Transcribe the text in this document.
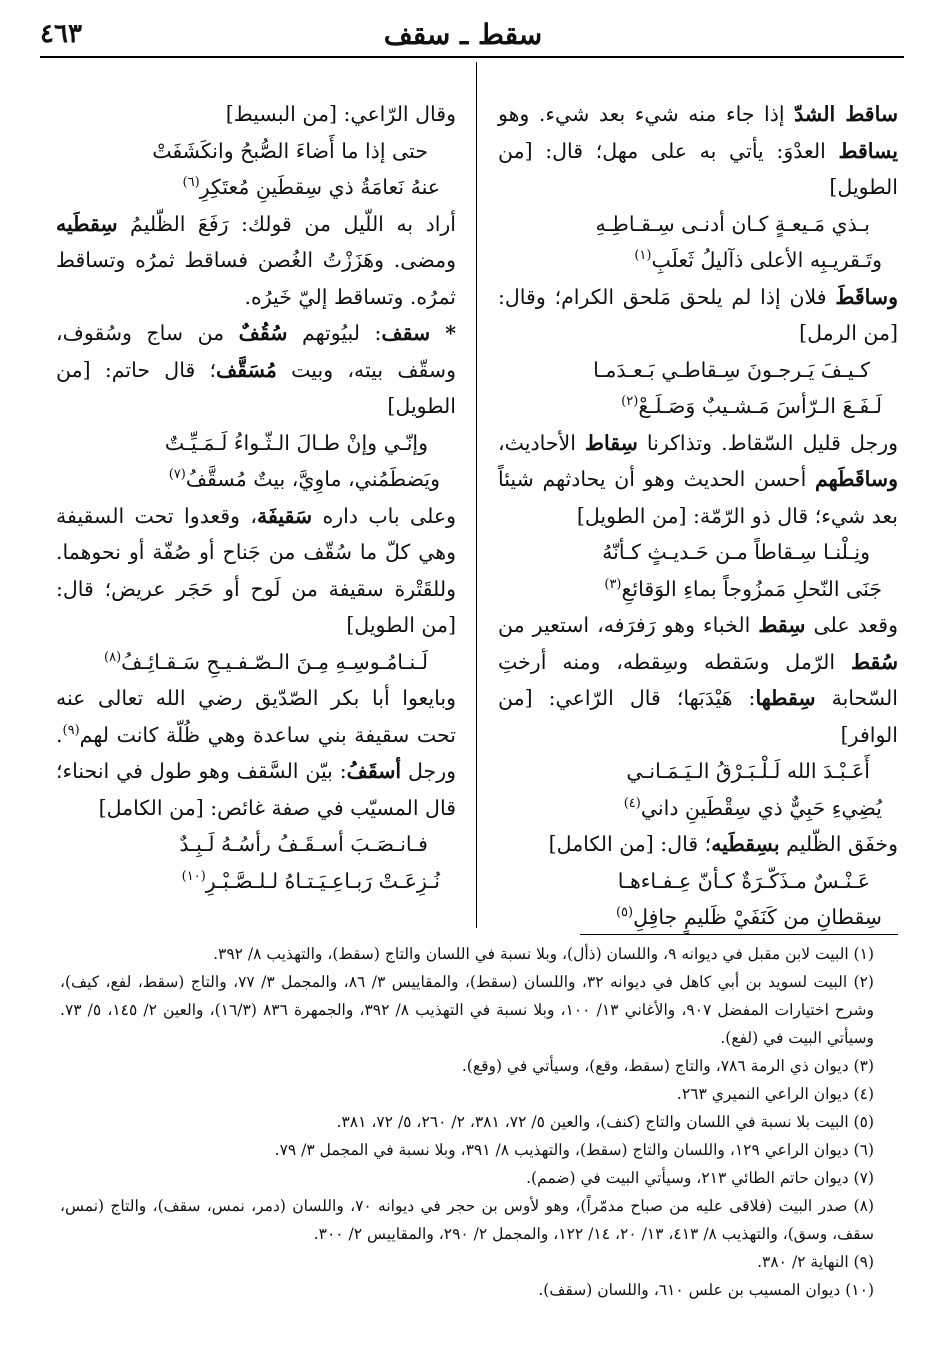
سقط ـ سقف
٤٦٣

ساقط الشدّ إذا جاء منه شيء بعد شيء. وهو يساقط العدْوَ: يأتي به على مهل؛ قال: [من الطويل]

بـذي مَـيعـةٍ كـان أدنـى سِـقـاطِـهِ

وتَـقريـبِه الأعلى ذآليلُ ثَعلَبِ$^{(١)}$

وساقَطَ فلان إذا لم يلحق مَلحق الكرام؛ وقال: [من الرمل]

كـيـفَ يَـرجـونَ سِـقاطـي بَـعـدَمـا

لَـفَـعَ الـرّأسَ مَـشـيبٌ وَصَـلَـعْ$^{(٢)}$

ورجل قليل السّقاط. وتذاكرنا سِقاط الأحاديث، وساقَطَهم أحسن الحديث وهو أن يحادثهم شيئاً بعد شيء؛ قال ذو الرّمّة: [من الطويل]

ونِـلْنـا سِـقاطاً مـن حَـديـثٍ كـأنّهُ

جَنَى النّحلِ مَمزُوجاً بماءِ الوَقائعِ$^{(٣)}$

وقعد على سِقط الخباء وهو رَفرَفه، استعير من سُقط الرّمل وسَقطه وسِقطه، ومنه أرختِ السّحابة سِقطها: هَيْدَبَها؛ قال الرّاعي: [من الوافر]

أَعَـبْـدَ الله لَـلْـبَـرْقُ الـيَـمَـانـي

يُضِيءِ حَبِيٌّ ذي سِقْطَينِ داني$^{(٤)}$

وخفَق الظّليم بسِقطَيه؛ قال: [من الكامل]

عَـنْـسٌ مـذَكّـرَةٌ كـأنّ عِـفـاءهـا

سِقطانِ من كَنَفَيْ ظَليمٍ جافِلِ$^{(٥)}$

وقال الرّاعي: [من البسيط]

حتى إذا ما أَضاءَ الصُّبحُ وانكَشَفَتْ

عنهُ نَعامَةُ ذي سِقطَينِ مُعتَكِرِ$^{(٦)}$

أراد به اللّيل من قولك: رَفَعَ الظّليمُ سِقطَيه ومضى. وهَزَزْتُ الغُصن فساقط ثمرُه وتساقط ثمرُه. وتساقط إليّ خَيرُه.

* سقف: لبيُوتهم سُقُفٌ من ساج وسُقوف، وسقّف بيته، وبيت مُسَقَّف؛ قال حاتم: [من الطويل]

وإنّـي وإنْ طـالَ الـثّـواءُ لَـمَـيِّـتٌ

ويَضطَمُني، ماوِيَّ، بيتٌ مُسقَّفُ$^{(٧)}$

وعلى باب داره سَقيفَة، وقعدوا تحت السقيفة وهي كلّ ما سُقّف من جَناح أو صُفّة أو نحوهما. وللقَتْرة سقيفة من لَوح أو حَجَر عريض؛ قال: [من الطويل]

لَـنـامُـوسِـهِ مِـنَ الـصّـفـيـحِ سَـقـائِـفُ$^{(٨)}$

وبايعوا أبا بكر الصّدّيق رضي الله تعالى عنه تحت سقيفة بني ساعدة وهي ظُلّة كانت لهم$^{(٩)}$. ورجل أسقَفُ: بيّن السَّقف وهو طول في انحناء؛ قال المسيّب في صفة غائص: [من الكامل]

فـانـصَـبَ أسـقَـفُ رأسُـهُ لَـبِـدٌ

نُـزِعَـتْ رَبـاعِـيَـتـاهُ لـلـصَّـبْـرِ$^{(١٠)}$

(١) البيت لابن مقبل في ديوانه ٩، واللسان (ذأل)، وبلا نسبة في اللسان والتاج (سقط)، والتهذيب ٨/ ٣٩٢.

(٢) البيت لسويد بن أبي كاهل في ديوانه ٣٢، واللسان (سقط)، والمقاييس ٣/ ٨٦، والمجمل ٣/ ٧٧، والتاج (سقط، لفع، كيف)، وشرح اختيارات المفضل ٩٠٧، والأغاني ١٣/ ١٠٠، وبلا نسبة في التهذيب ٨/ ٣٩٢، والجمهرة ٨٣٦ (١٦/٣)، والعين ٢/ ١٤٥، ٥/ ٧٣. وسيأتي البيت في (لفع).

(٣) ديوان ذي الرمة ٧٨٦، والتاج (سقط، وقع)، وسيأتي في (وقع).

(٤) ديوان الراعي النميري ٢٦٣.

(٥) البيت بلا نسبة في اللسان والتاج (كنف)، والعين ٥/ ٧٢، ٣٨١، ٢/ ٢٦٠، ٥/ ٧٢، ٣٨١.

(٦) ديوان الراعي ١٢٩، واللسان والتاج (سقط)، والتهذيب ٨/ ٣٩١، وبلا نسبة في المجمل ٣/ ٧٩.

(٧) ديوان حاتم الطائي ٢١٣، وسيأتي البيت في (ضمم).

(٨) صدر البيت (فلاقى عليه من صباح مدمّراً)، وهو لأوس بن حجر في ديوانه ٧٠، واللسان (دمر، نمس، سقف)، والتاج (نمس، سقف، وسق)، والتهذيب ٨/ ٤١٣، ١٣/ ٢٠، ١٤/ ١٢٢، والمجمل ٢/ ٢٩٠، والمقاييس ٢/ ٣٠٠.

(٩) النهاية ٢/ ٣٨٠.

(١٠) ديوان المسيب بن علس ٦١٠، واللسان (سقف).
